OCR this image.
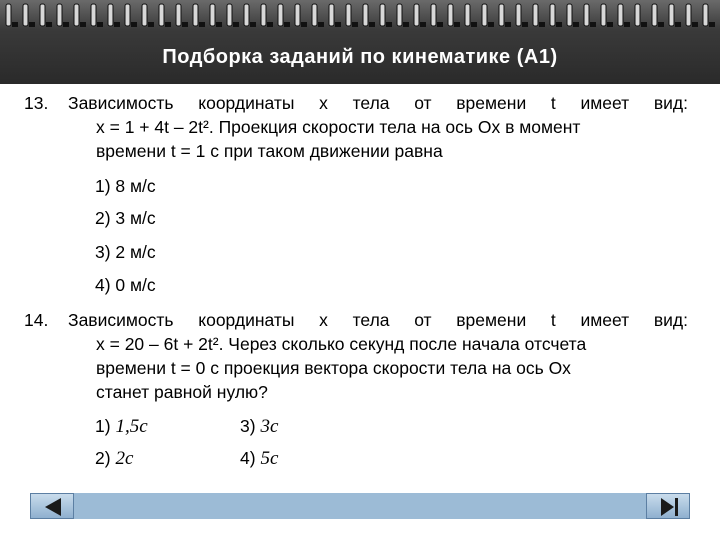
Подборка заданий по кинематике (А1)
13. Зависимость координаты x тела от времени t имеет вид:
x = 1 + 4t – 2t². Проекция скорости тела на ось Оx в момент
времени t = 1 с при таком движении равна
1) 8 м/с
2) 3 м/с
3) 2 м/с
4) 0 м/с
14. Зависимость координаты x тела от времени t имеет вид:
x = 20 – 6t + 2t². Через сколько секунд после начала отсчета
времени t = 0 с проекция вектора скорости тела на ось Оx
станет равной нулю?
1) 1,5c	3) 3c
2) 2c	4) 5c
